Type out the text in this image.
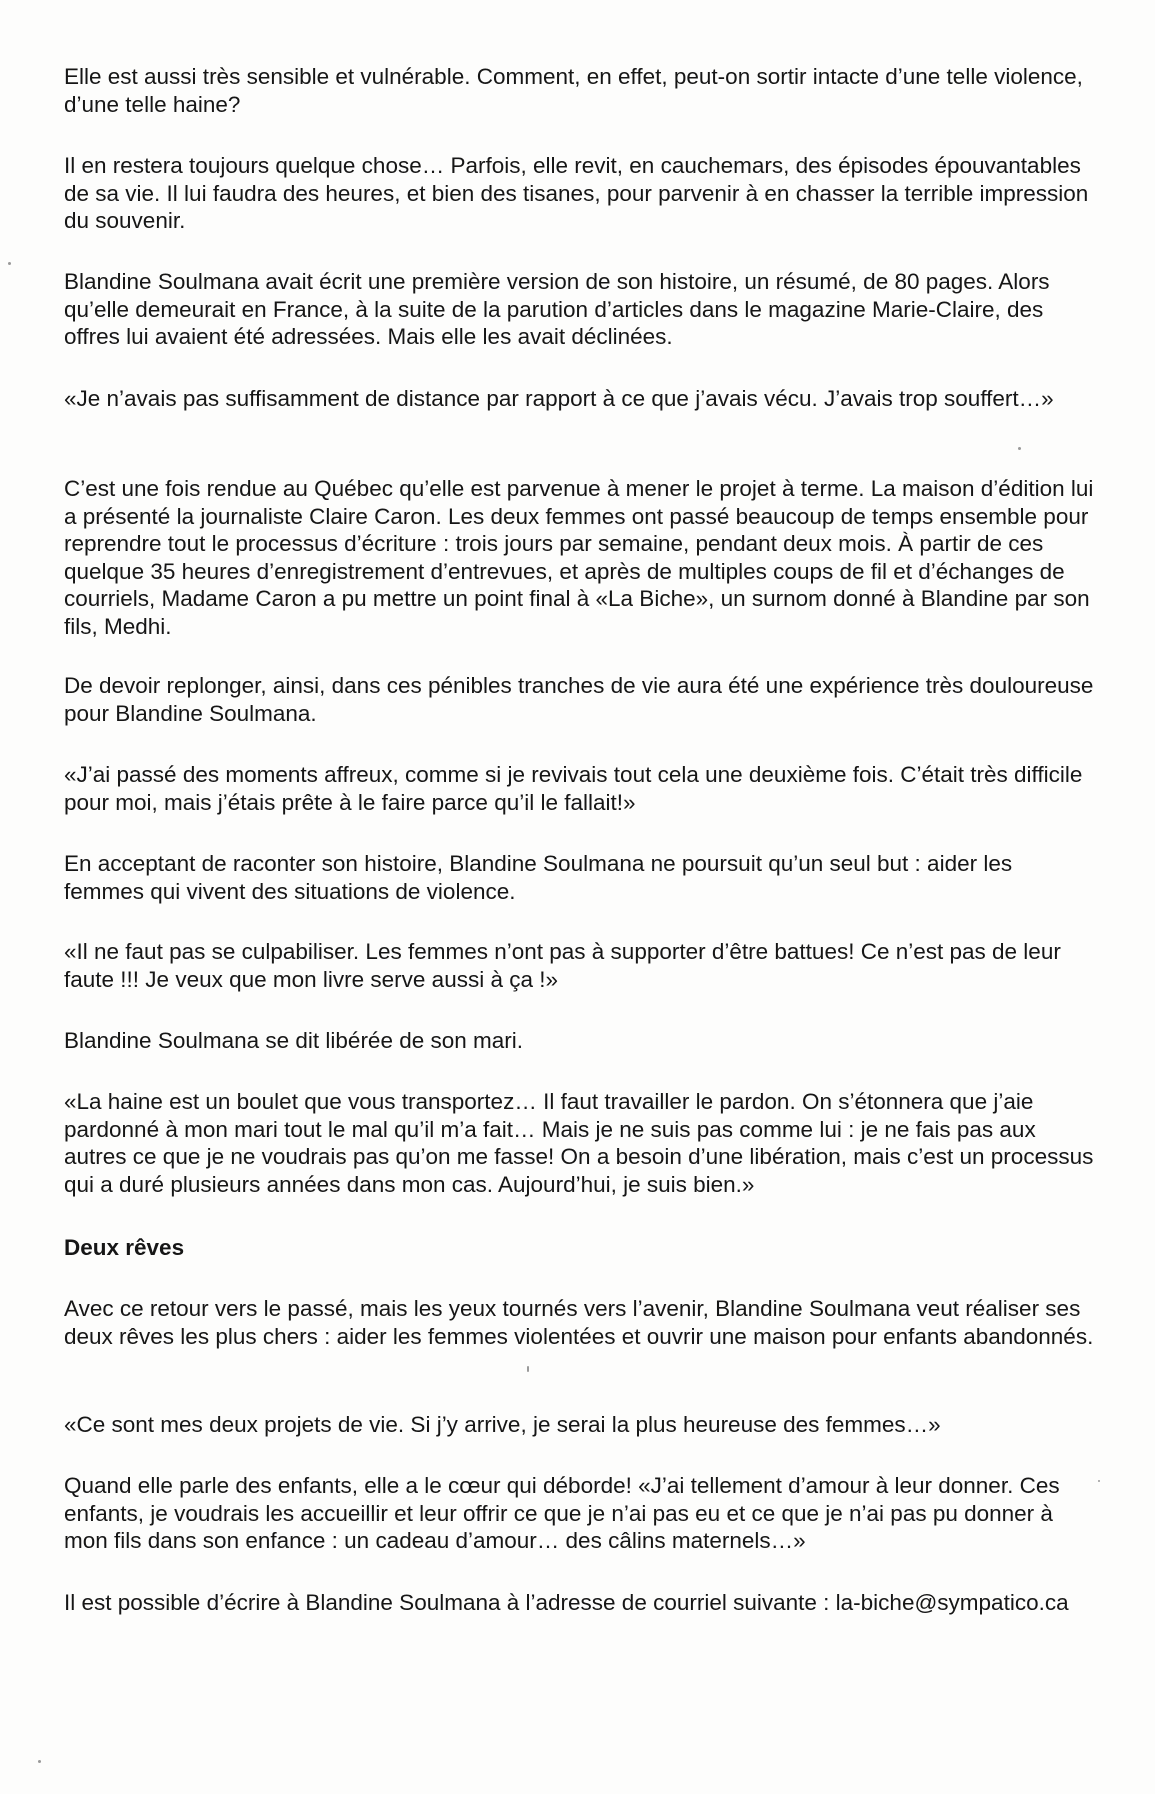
Elle est aussi très sensible et vulnérable. Comment, en effet, peut-on sortir intacte d’une telle violence, d’une telle haine?

Il en restera toujours quelque chose… Parfois, elle revit, en cauchemars, des épisodes épouvantables de sa vie. Il lui faudra des heures, et bien des tisanes, pour parvenir à en chasser la terrible impression du souvenir.

Blandine Soulmana avait écrit une première version de son histoire, un résumé, de 80 pages. Alors qu’elle demeurait en France, à la suite de la parution d’articles dans le magazine Marie-Claire, des offres lui avaient été adressées. Mais elle les avait déclinées.

«Je n’avais pas suffisamment de distance par rapport à ce que j’avais vécu. J’avais trop souffert…»

C’est une fois rendue au Québec qu’elle est parvenue à mener le projet à terme. La maison d’édition lui a présenté la journaliste Claire Caron. Les deux femmes ont passé beaucoup de temps ensemble pour reprendre tout le processus d’écriture : trois jours par semaine, pendant deux mois. À partir de ces quelque 35 heures d’enregistrement d’entrevues, et après de multiples coups de fil et d’échanges de courriels, Madame Caron a pu mettre un point final à «La Biche», un surnom donné à Blandine par son fils, Medhi.

De devoir replonger, ainsi, dans ces pénibles tranches de vie aura été une expérience très douloureuse pour Blandine Soulmana.

«J’ai passé des moments affreux, comme si je revivais tout cela une deuxième fois. C’était très difficile pour moi, mais j’étais prête à le faire parce qu’il le fallait!»

En acceptant de raconter son histoire, Blandine Soulmana ne poursuit qu’un seul but : aider les femmes qui vivent des situations de violence.

«Il ne faut pas se culpabiliser. Les femmes n’ont pas à supporter d’être battues! Ce n’est pas de leur faute !!! Je veux que mon livre serve aussi à ça !»

Blandine Soulmana se dit libérée de son mari.

«La haine est un boulet que vous transportez… Il faut travailler le pardon. On s’étonnera que j’aie pardonné à mon mari tout le mal qu’il m’a fait… Mais je ne suis pas comme lui : je ne fais pas aux autres ce que je ne voudrais pas qu’on me fasse! On a besoin d’une libération, mais c’est un processus qui a duré plusieurs années dans mon cas. Aujourd’hui, je suis bien.»

Deux rêves

Avec ce retour vers le passé, mais les yeux tournés vers l’avenir, Blandine Soulmana veut réaliser ses deux rêves les plus chers : aider les femmes violentées et ouvrir une maison pour enfants abandonnés.

«Ce sont mes deux projets de vie. Si j’y arrive, je serai la plus heureuse des femmes…»

Quand elle parle des enfants, elle a le cœur qui déborde! «J’ai tellement d’amour à leur donner. Ces enfants, je voudrais les accueillir et leur offrir ce que je n’ai pas eu et ce que je n’ai pas pu donner à mon fils dans son enfance : un cadeau d’amour… des câlins maternels…»

Il est possible d’écrire à Blandine Soulmana à l’adresse de courriel suivante : la-biche@sympatico.ca
